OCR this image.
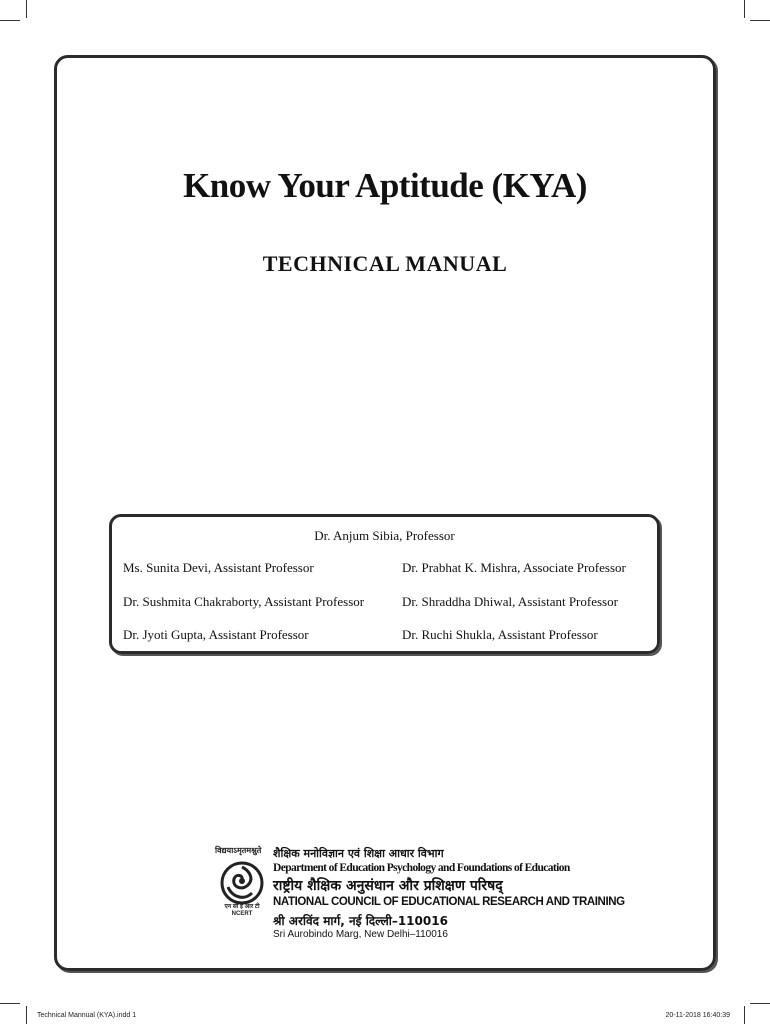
Know Your Aptitude (KYA)
TECHNICAL MANUAL
Dr. Anjum Sibia, Professor
Ms. Sunita Devi, Assistant Professor	Dr. Prabhat K. Mishra, Associate Professor
Dr. Sushmita Chakraborty, Assistant Professor	Dr. Shraddha Dhiwal, Assistant Professor
Dr. Jyoti Gupta, Assistant Professor	Dr. Ruchi Shukla, Assistant Professor
विद्ययाऽमृतमश्नुते
एन सी ई आर टी
NCERT
शैक्षिक मनोविज्ञान एवं शिक्षा आधार विभाग
Department of Education Psychology and Foundations of Education
राष्ट्रीय शैक्षिक अनुसंधान और प्रशिक्षण परिषद्
NATIONAL COUNCIL OF EDUCATIONAL RESEARCH AND TRAINING
श्री अरविंद मार्ग, नई दिल्ली–110016
Sri Aurobindo Marg, New Delhi–110016
Technical Mannual (KYA).indd 1	20-11-2018 16:40:39
